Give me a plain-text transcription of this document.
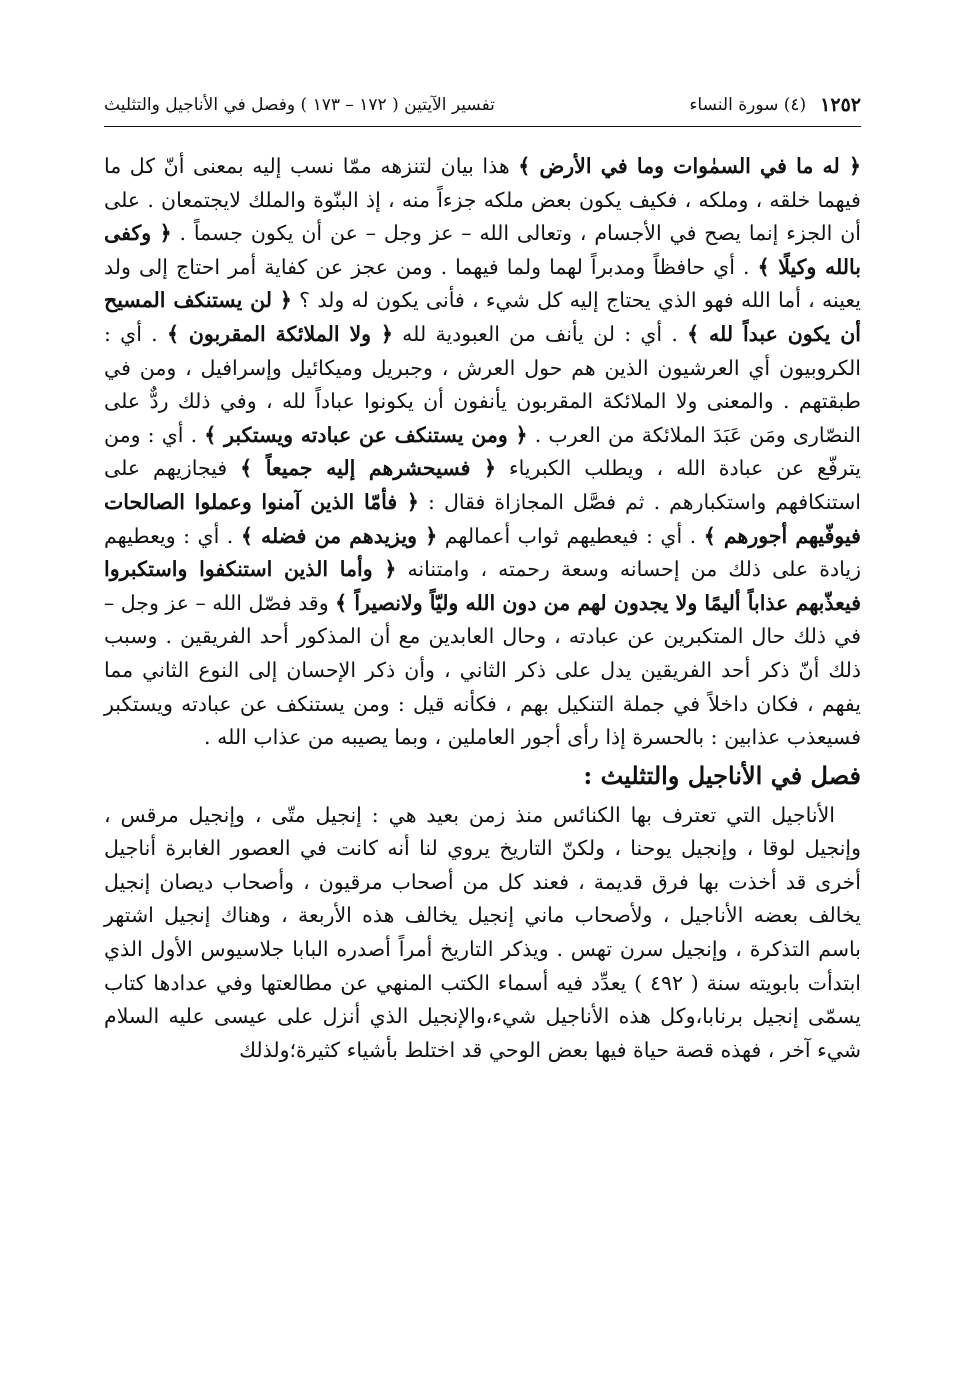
١٢٥٢
(٤) سورة النساء
تفسير الآيتين ( ١٧٢ – ١٧٣ ) وفصل في الأناجيل والتثليث

﴿ له ما في السمٰوات وما في الأرض ﴾ هذا بيان لتنزهه ممّا نسب إليه بمعنى أنّ كل ما فيهما خلقه ، وملكه ، فكيف يكون بعض ملكه جزءاً منه ، إذ البنّوة والملك لايجتمعان . على أن الجزء إنما يصح في الأجسام ، وتعالى الله – عز وجل – عن أن يكون جسماً . ﴿ وكفى بالله وكيلًا ﴾ . أي حافظاً ومدبراً لهما ولما فيهما . ومن عجز عن كفاية أمر احتاج إلى ولد يعينه ، أما الله فهو الذي يحتاج إليه كل شيء ، فأنى يكون له ولد ؟ ﴿ لن يستنكف المسيح أن يكون عبداً لله ﴾ . أي : لن يأنف من العبودية لله ﴿ ولا الملائكة المقربون ﴾ . أي : الكروبيون أي العرشيون الذين هم حول العرش ، وجبريل وميكائيل وإسرافيل ، ومن في طبقتهم . والمعنى ولا الملائكة المقربون يأنفون أن يكونوا عباداً لله ، وفي ذلك ردٌّ على النصّارى ومَن عَبَدَ الملائكة من العرب . ﴿ ومن يستنكف عن عبادته ويستكبر ﴾ . أي : ومن يترفّع عن عبادة الله ، ويطلب الكبرياء ﴿ فسيحشرهم إليه جميعاً ﴾ فيجازيهم على استنكافهم واستكبارهم . ثم فصَّل المجازاة فقال : ﴿ فأمّا الذين آمنوا وعملوا الصالحات فيوفّيهم أجورهم ﴾ . أي : فيعطيهم ثواب أعمالهم ﴿ ويزيدهم من فضله ﴾ . أي : ويعطيهم زيادة على ذلك من إحسانه وسعة رحمته ، وامتنانه ﴿ وأما الذين استنكفوا واستكبروا فيعذّبهم عذاباً أليمًا ولا يجدون لهم من دون الله وليّاً ولانصيراً ﴾ وقد فصّل الله – عز وجل – في ذلك حال المتكبرين عن عبادته ، وحال العابدين مع أن المذكور أحد الفريقين . وسبب ذلك أنّ ذكر أحد الفريقين يدل على ذكر الثاني ، وأن ذكر الإحسان إلى النوع الثاني مما يفهم ، فكان داخلاً في جملة التنكيل بهم ، فكأنه قيل : ومن يستنكف عن عبادته ويستكبر فسيعذب عذابين : بالحسرة إذا رأى أجور العاملين ، وبما يصيبه من عذاب الله .

فصل في الأناجيل والتثليث :

الأناجيل التي تعترف بها الكنائس منذ زمن بعيد هي : إنجيل متّى ، وإنجيل مرقس ، وإنجيل لوقا ، وإنجيل يوحنا ، ولكنّ التاريخ يروي لنا أنه كانت في العصور الغابرة أناجيل أخرى قد أخذت بها فرق قديمة ، فعند كل من أصحاب مرقيون ، وأصحاب ديصان إنجيل يخالف بعضه الأناجيل ، ولأصحاب ماني إنجيل يخالف هذه الأربعة ، وهناك إنجيل اشتهر باسم التذكرة ، وإنجيل سرن تهس . ويذكر التاريخ أمراً أصدره البابا جلاسيوس الأول الذي ابتدأت بابويته سنة ( ٤٩٢ ) يعدِّد فيه أسماء الكتب المنهي عن مطالعتها وفي عدادها كتاب يسمّى إنجيل برنابا،وكل هذه الأناجيل شيء،والإنجيل الذي أنزل على عيسى عليه السلام شيء آخر ، فهذه قصة حياة فيها بعض الوحي قد اختلط بأشياء كثيرة؛ولذلك
